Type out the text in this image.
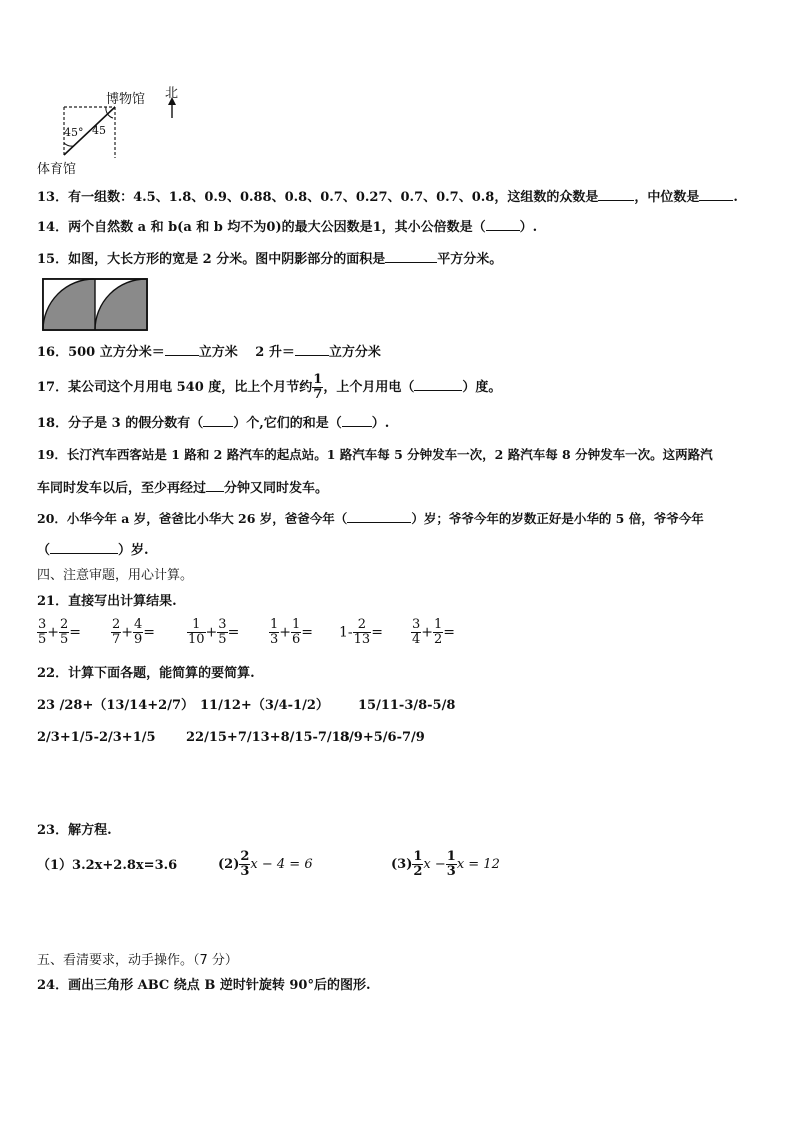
博物馆
体育馆
北
45° 45
13．有一组数：4.5、1.8、0.9、0.88、0.8、0.7、0.27、0.7、0.7、0.8，这组数的众数是	，中位数是	.
14．两个自然数 a 和 b(a 和 b 均不为0)的最大公因数是1，其小公倍数是（	）.
15．如图，大长方形的宽是 2 分米。图中阴影部分的面积是	平方分米。
16．500 立方分米＝	立方米　 2 升＝	立方分米
17．某公司这个月用电 540 度，比上个月节约 $\frac{1}{7}$ ，上个月用电（	）度。
18．分子是 3 的假分数有（ ）个,它们的和是（ ）.
19．长汀汽车西客站是 1 路和 2 路汽车的起点站。1 路汽车每 5 分钟发车一次，2 路汽车每 8 分钟发车一次。这两路汽
车同时发车以后，至少再经过 分钟又同时发车。
20．小华今年 a 岁，爸爸比小华大 26 岁，爸爸今年（	）岁；爷爷今年的岁数正好是小华的 5 倍，爷爷今年
（	）岁.
四、注意审题，用心计算。
21．直接写出计算结果.
$\frac{3}{5} + \frac{2}{5} = \frac{2}{7} + \frac{4}{9} = \frac{1}{10} + \frac{3}{5} = \frac{1}{3} + \frac{1}{6} = 1- \frac{2}{13} = \frac{3}{4} + \frac{1}{2}$ =
22．计算下面各题，能简算的要简算.
23 /28+（13/14+2/7） 11/12+（3/4-1/2） 15/11-3/8-5/8
2/3+1/5-2/3+1/5 22/15+7/13+8/15-7/13
8/9+5/6-7/9
23．解方程.
（1）3.2x+2.8x=3.6	$(2) \frac{2}{3}$ x − 4 = 6	$(3) \frac{1}{2}$ $x - \frac{1}{3}$ x = 12
五、看清要求，动手操作。（7 分）
24．画出三角形 ABC 绕点 B 逆时针旋转 90°后的图形.
